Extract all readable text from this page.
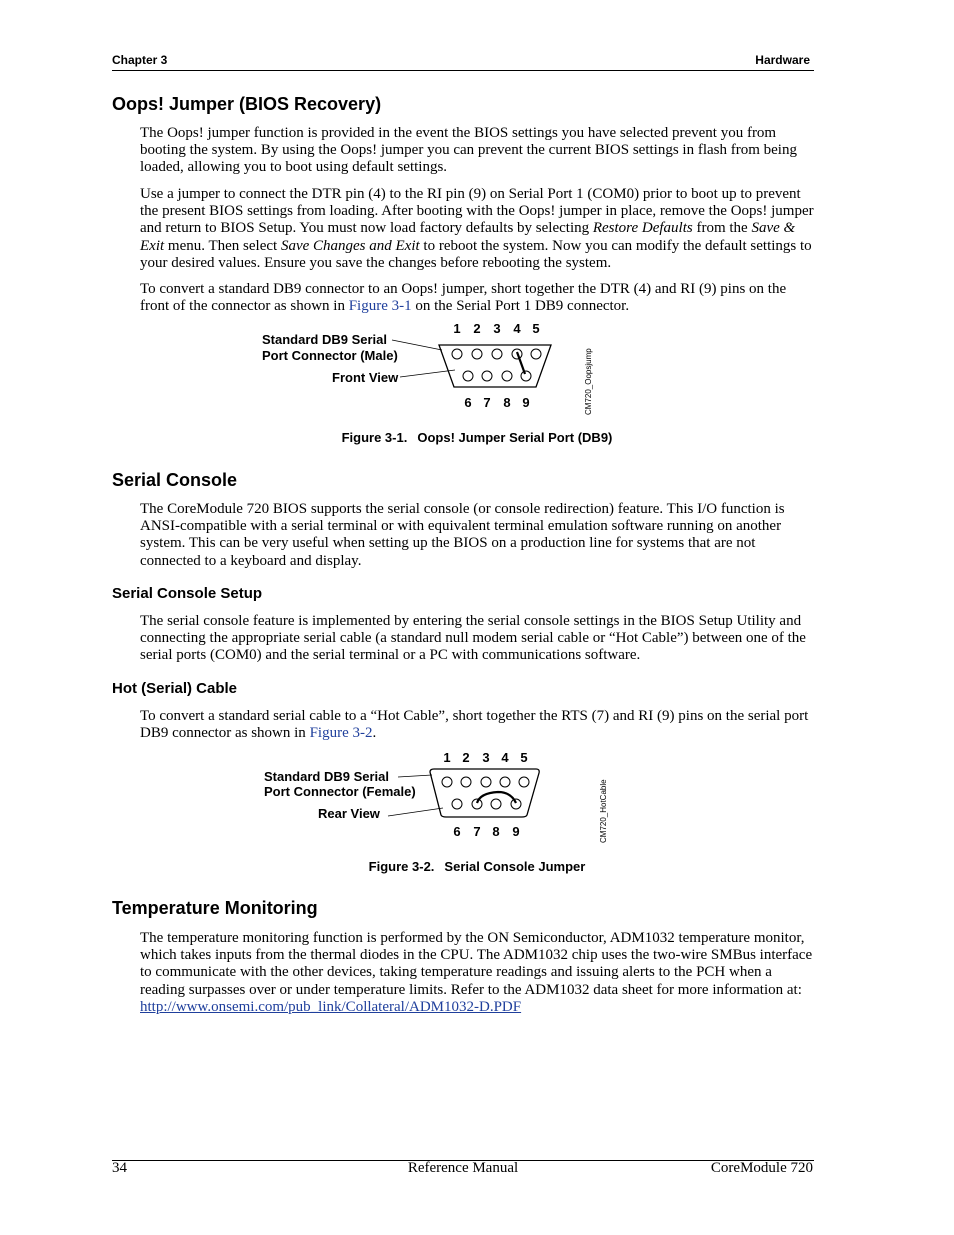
Chapter 3	Hardware
Oops! Jumper (BIOS Recovery)

The Oops! jumper function is provided in the event the BIOS settings you have selected prevent you from booting the system. By using the Oops! jumper you can prevent the current BIOS settings in flash from being loaded, allowing you to boot using default settings.

Use a jumper to connect the DTR pin (4) to the RI pin (9) on Serial Port 1 (COM0) prior to boot up to prevent the present BIOS settings from loading. After booting with the Oops! jumper in place, remove the Oops! jumper and return to BIOS Setup. You must now load factory defaults by selecting Restore Defaults from the Save & Exit menu. Then select Save Changes and Exit to reboot the system. Now you can modify the default settings to your desired values. Ensure you save the changes before rebooting the system.

To convert a standard DB9 connector to an Oops! jumper, short together the DTR (4) and RI (9) pins on the front of the connector as shown in Figure 3-1 on the Serial Port 1 DB9 connector.

Standard DB9 Serial
Port Connector (Male)
Front View
1 2 3 4 5
6 7 8 9	CM720_Oopsjump

Figure 3-1. Oops! Jumper Serial Port (DB9)

Serial Console

The CoreModule 720 BIOS supports the serial console (or console redirection) feature. This I/O function is ANSI-compatible with a serial terminal or with equivalent terminal emulation software running on another system. This can be very useful when setting up the BIOS on a production line for systems that are not connected to a keyboard and display.

Serial Console Setup

The serial console feature is implemented by entering the serial console settings in the BIOS Setup Utility and connecting the appropriate serial cable (a standard null modem serial cable or “Hot Cable”) between one of the serial ports (COM0) and the serial terminal or a PC with communications software.

Hot (Serial) Cable

To convert a standard serial cable to a “Hot Cable”, short together the RTS (7) and RI (9) pins on the serial port DB9 connector as shown in Figure 3-2.

Standard DB9 Serial
Port Connector (Female)
Rear View
1 2 3 4 5
6 7 8 9	CM720_HotCable

Figure 3-2. Serial Console Jumper

Temperature Monitoring

The temperature monitoring function is performed by the ON Semiconductor, ADM1032 temperature monitor, which takes inputs from the thermal diodes in the CPU. The ADM1032 chip uses the two-wire SMBus interface to communicate with the other devices, taking temperature readings and issuing alerts to the PCH when a reading surpasses over or under temperature limits. Refer to the ADM1032 data sheet for more information at:
http://www.onsemi.com/pub_link/Collateral/ADM1032-D.PDF

34	Reference Manual	CoreModule 720
